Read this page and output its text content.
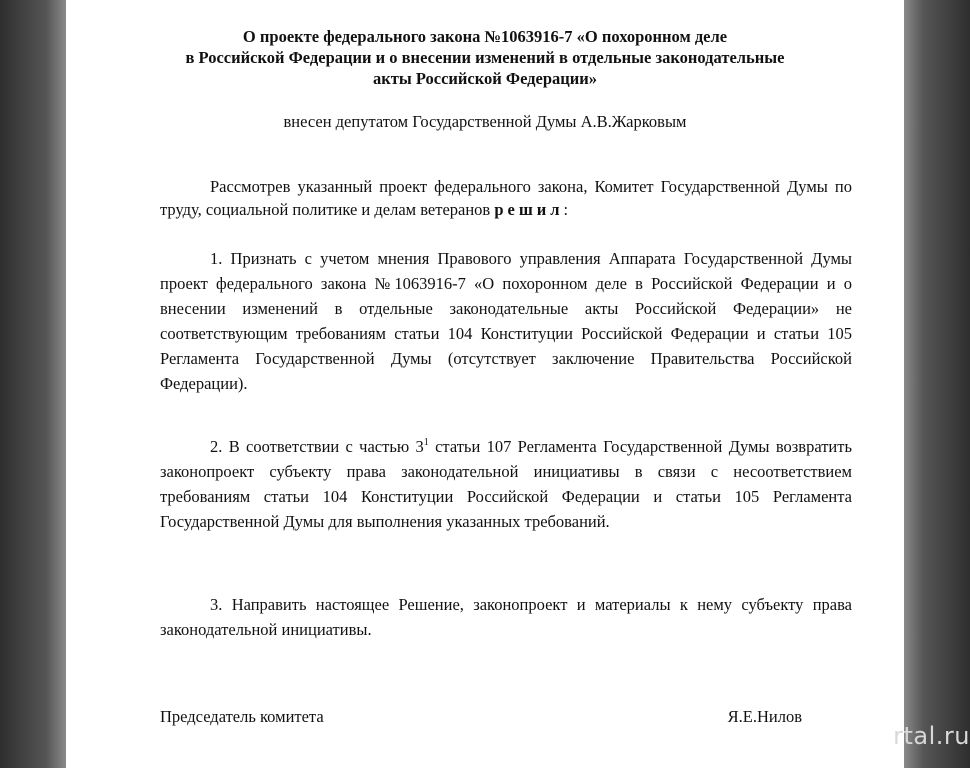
О проекте федерального закона №1063916-7 «О похоронном деле
в Российской Федерации и о внесении изменений в отдельные законодательные
акты Российской Федерации»
внесен депутатом Государственной Думы А.В.Жарковым
Рассмотрев указанный проект федерального закона, Комитет Государственной Думы по труду, социальной политике и делам ветеранов решил:
1. Признать с учетом мнения Правового управления Аппарата Государственной Думы проект федерального закона №1063916-7 «О похоронном деле в Российской Федерации и о внесении изменений в отдельные законодательные акты Российской Федерации» не соответствующим требованиям статьи 104 Конституции Российской Федерации и статьи 105 Регламента Государственной Думы (отсутствует заключение Правительства Российской Федерации).
2. В соответствии с частью $3^1$ статьи 107 Регламента Государственной Думы возвратить законопроект субъекту права законодательной инициативы в связи с несоответствием требованиям статьи 104 Конституции Российской Федерации и статьи 105 Регламента Государственной Думы для выполнения указанных требований.
3. Направить настоящее Решение, законопроект и материалы к нему субъекту права законодательной инициативы.
Председатель комитета	Я.Е.Нилов
rtal.ru
